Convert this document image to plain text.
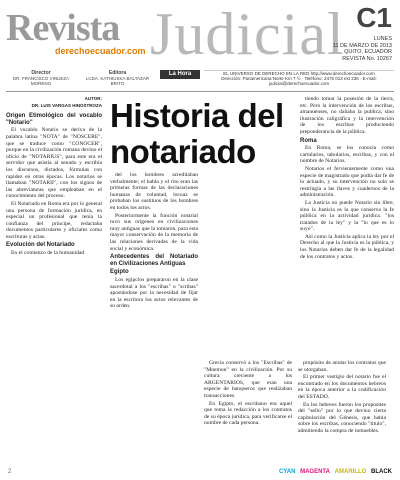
Revista Judicial
derechoecuador.com
C1
LUNES
11 DE MARZO DE 2013
QUITO, ECUADOR
REVISTA No. 10267
Director
DR. FRANCISCO VINUEZA MORENO
Editora
LCDA. KATHIUSKA BALTAZAR BRITO
La Hora	EL UNIVERSO DE DERECHO EN LA RED http://www.derechoecuador.com
Dirección: Panamericana Norte Km 7 ½ · Teléfono: 2475 013 ext 236 · E-mail: judicial@derechoecuador.com
Historia del notariado
AUTOR:
DR. LUIS VARGAS HINOSTROZA
Origen Etimológico del vocablo "Notario"

El vocablo Notario se deriva de la palabra latina "NOTA" de "NOSCERE", que se traduce como "CONOCER", porque en la civilización romana devino el oficio de "NOTARIUS", para este era el servidor que asistía al senado y escribía los discursos, dictados, fórmulas con rapidez en otras épocas. Los notarios se llamaban "NOTARII", con los signos de las abreviaturas que empleaban en el conocimiento del proceso.

El Notariado en Roma era por lo general una persona de formación jurídica, en especial un profesional que tenía la confianza del príncipe, redactaba documentos particulares y oficiales como escrituras y actas.

Evolución del Notariado

En el comienzo de la humanidad

del los hombres acreditaban verbalmente; el habla y el rito eran las primeras formas de las declaraciones humanas de voluntad, locuaz se probaban los sustituos de los hombres en todos los actos.

Posteriormente la función notarial tuvo sus orígenes en civilizaciones muy antiguas que la tomaron, para esta mayor conservación de la memoria de las relaciones derivadas de la vida social y económica.

Antecedentes del Notariado en Civilizaciones Antiguas
Egipto

Los egipcios prepararon en la clase sacerdotal a los "escribas" o "scribas" apostándose por la necesidad de fijar en la escritura los actos relevantes de su orden.

Grecia conservó a los "Escribas" de "Mnemon" en la civilización. Por su cultura creciente a los ARGENTARIOS, que eran una especie de banqueros que realizaban transacciones.

En Egipto, el escribano era aquel que toma la redacción a los contratos de su época jurídica, para verificarse el nombre de cada persona.

propósito de anotar los contratos que se otorgaban.

El primer vestigio del notario fue el encontrado en los documentos hebreos en la época anterior a la codificación del ESTADO.

En los hebreos fueron los proposites del "sello" por lo que devino cierta capitulación del Génesis, que habla sobre los escribas, conociendo "titulo", admitiendo la compra de inmuebles.

tiendo tomar la posesión de la tierra, etc. Pero la intervención de los escribas, amanuenses, no dañaba la publica, sino ilustración caligráfica y la intervención de los escribas produciendo preponderancia de la pública.

Roma

En Roma, se los conocía como cartularios, tabularios, escribas, y con el nombre de Notarios.

Notarios el fervientemente como una especie de magistrado que podía dar fe de lo actuado, y su intervención no solo se restringía a las llaves y cuadernos de la administración.

La Justicia no puede Notario sin libre, sino la Justicia es la que conserva la fe pública en la actividad jurídica. "los tratados de la ley" y la "lo que es lo suyo".

Así como la Justicia aplica la ley por el Derecho al que la Justicia es la pública, y los Notarios deben dar fe de la legalidad de los contratos y actos.

2	CYAN MAGENTA AMARILLO BLACK
